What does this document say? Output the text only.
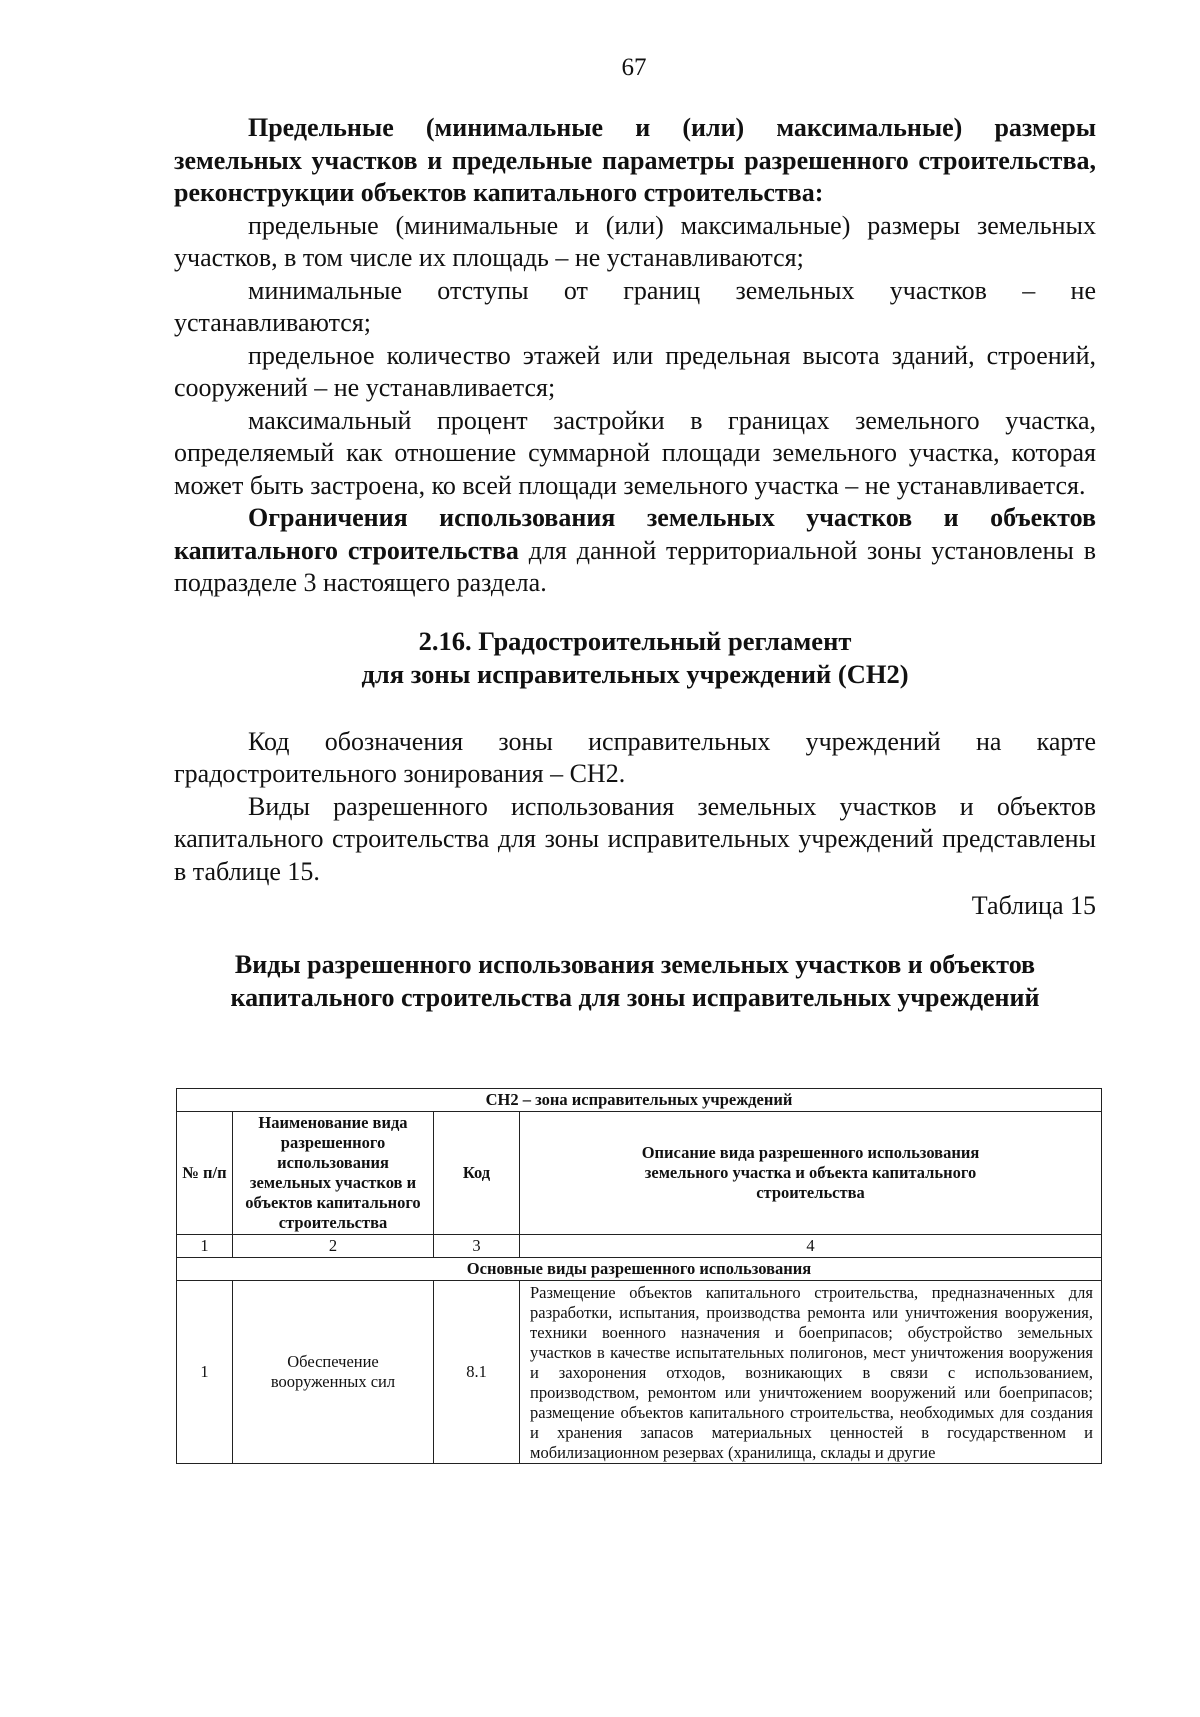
67

Предельные (минимальные и (или) максимальные) размеры земельных участков и предельные параметры разрешенного строительства, реконструкции объектов капитального строительства:

предельные (минимальные и (или) максимальные) размеры земельных участков, в том числе их площадь – не устанавливаются;

минимальные отступы от границ земельных участков – не устанавливаются;

предельное количество этажей или предельная высота зданий, строений, сооружений – не устанавливается;

максимальный процент застройки в границах земельного участка, определяемый как отношение суммарной площади земельного участка, которая может быть застроена, ко всей площади земельного участка – не устанавливается.

Ограничения использования земельных участков и объектов капитального строительства для данной территориальной зоны установлены в подразделе 3 настоящего раздела.

2.16. Градостроительный регламент
для зоны исправительных учреждений (СН2)

Код обозначения зоны исправительных учреждений на карте градостроительного зонирования – СН2.

Виды разрешенного использования земельных участков и объектов капитального строительства для зоны исправительных учреждений представлены в таблице 15.

Таблица 15

Виды разрешенного использования земельных участков и объектов
капитального строительства для зоны исправительных учреждений

СН2 – зона исправительных учреждений			
№ п/п	Наименование вида разрешенного использования земельных участков и объектов капитального строительства	Код	Описание вида разрешенного использования земельного участка и объекта капитального строительства
1	2	3	4
Основные виды разрешенного использования			
1	Обеспечение вооруженных сил	8.1	Размещение объектов капитального строительства, предназначенных для разработки, испытания, производства ремонта или уничтожения вооружения, техники военного назначения и боеприпасов; обустройство земельных участков в качестве испытательных полигонов, мест уничтожения вооружения и захоронения отходов, возникающих в связи с использованием, производством, ремонтом или уничтожением вооружений или боеприпасов; размещение объектов капитального строительства, необходимых для создания и хранения запасов материальных ценностей в государственном и мобилизационном резервах (хранилища, склады и другие
